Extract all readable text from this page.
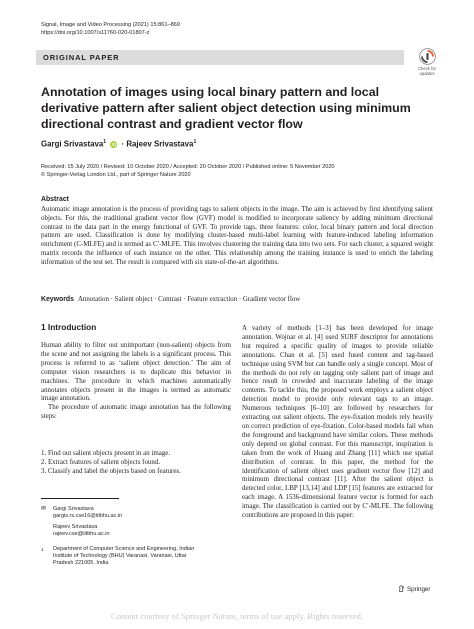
Signal, Image and Video Processing (2021) 15:861–869
https://doi.org/10.1007/s11760-020-01807-z
ORIGINAL PAPER
Check for
updates
Annotation of images using local binary pattern and local derivative pattern after salient object detection using minimum directional contrast and gradient vector flow
Gargi Srivastava$^1$ iD · Rajeev Srivastava$^1$
Received: 15 July 2020 / Revised: 10 October 2020 / Accepted: 20 October 2020 / Published online: 5 November 2020
© Springer-Verlag London Ltd., part of Springer Nature 2020
Abstract
Automatic image annotation is the process of providing tags to salient objects in the image. The aim is achieved by first identifying salient objects. For this, the traditional gradient vector flow (GVF) model is modified to incorporate saliency by adding minimum directional contrast to the data part in the energy functional of GVF. To provide tags, three features: color, local binary pattern and local direction pattern are used. Classification is done by modifying cluster-based multi-label learning with feature-induced labeling information enrichment (C-MLFE) and is termed as C′-MLFE. This involves clustering the training data into two sets. For each cluster, a squared weight matrix records the influence of each instance on the other. This relationship among the training instance is used to enrich the labeling information of the test set. The result is compared with six state-of-the-art algorithms.
Keywords Annotation · Salient object · Contrast · Feature extraction · Gradient vector flow
1 Introduction

Human ability to filter out unimportant (non-salient) objects from the scene and not assigning the labels is a significant process. This process is referred to as ‘salient object detection.’ The aim of computer vision researchers is to duplicate this behavior in machines. The procedure in which machines automatically annotates objects present in the images is termed as automatic image annotation.

The procedure of automatic image annotation has the following steps:

1. Find out salient objects present in an image.
2. Extract features of salient objects found.
3. Classify and label the objects based on features.
✉ Gargi Srivastava
gargis.rs.cse16@iitbhu.ac.in
Rajeev Srivastava
rajeev.cse@iitbhu.ac.in
1 Department of Computer Science and Engineering, Indian
Institute of Technology (BHU) Varanasi, Varanasi, Uttar
Pradesh 221005, India
A variety of methods [1–3] has been developed for image annotation. Wojnar et al. [4] used SURF descriptor for annotations but required a specific quality of images to provide reliable annotations. Chan et al. [5] used fused content and tag-based technique using SVM but can handle only a single concept. Most of the methods do not rely on tagging only salient part of image and hence result in crowded and inaccurate labeling of the image contents. To tackle this, the proposed work employs a salient object detection model to provide only relevant tags to an image. Numerous techniques [6–10] are followed by researchers for extracting out salient objects. The eye-fixation models rely heavily on correct prediction of eye-fixation. Color-based models fail when the foreground and background have similar colors. These methods only depend on global contrast. For this manuscript, inspiration is taken from the work of Huang and Zhang [11] which use spatial distribution of contrast. In this paper, the method for the identification of salient object uses gradient vector flow [12] and minimum directional contrast [11]. After the salient object is detected color, LBP [13,14] and LDP [15] features are extracted for each image. A 1536-dimensional feature vector is formed for each image. The classification is carried out by C′-MLFE. The following contributions are proposed in this paper:
Springer
Content courtesy of Springer Nature, terms of use apply. Rights reserved.
